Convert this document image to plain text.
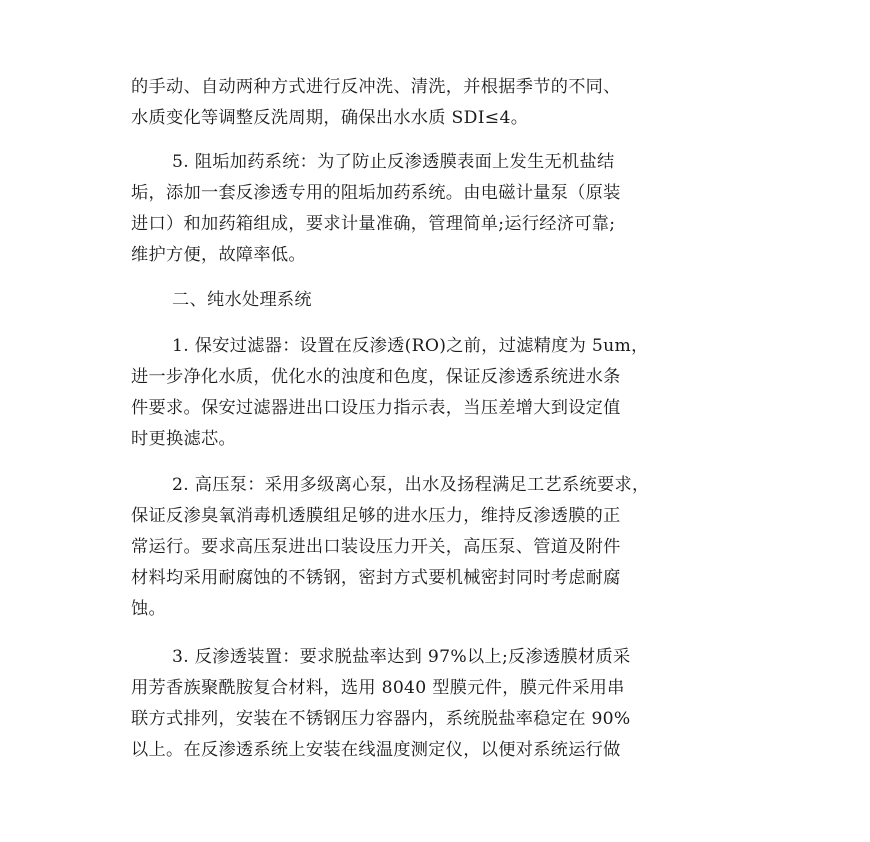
的手动、自动两种方式进行反冲洗、清洗，并根据季节的不同、
水质变化等调整反洗周期，确保出水水质 SDI≤4。
5. 阻垢加药系统：为了防止反渗透膜表面上发生无机盐结
垢，添加一套反渗透专用的阻垢加药系统。由电磁计量泵（原装
进口）和加药箱组成，要求计量准确，管理简单;运行经济可靠;
维护方便，故障率低。
二、纯水处理系统
1. 保安过滤器：设置在反渗透(RO)之前，过滤精度为 5um，
进一步净化水质，优化水的浊度和色度，保证反渗透系统进水条
件要求。保安过滤器进出口设压力指示表，当压差增大到设定值
时更换滤芯。
2. 高压泵：采用多级离心泵，出水及扬程满足工艺系统要求，
保证反渗臭氧消毒机透膜组足够的进水压力，维持反渗透膜的正
常运行。要求高压泵进出口装设压力开关，高压泵、管道及附件
材料均采用耐腐蚀的不锈钢，密封方式要机械密封同时考虑耐腐
蚀。
3. 反渗透装置：要求脱盐率达到 97%以上;反渗透膜材质采
用芳香族聚酰胺复合材料，选用 8040 型膜元件，膜元件采用串
联方式排列，安装在不锈钢压力容器内，系统脱盐率稳定在 90%
以上。在反渗透系统上安装在线温度测定仪，以便对系统运行做
